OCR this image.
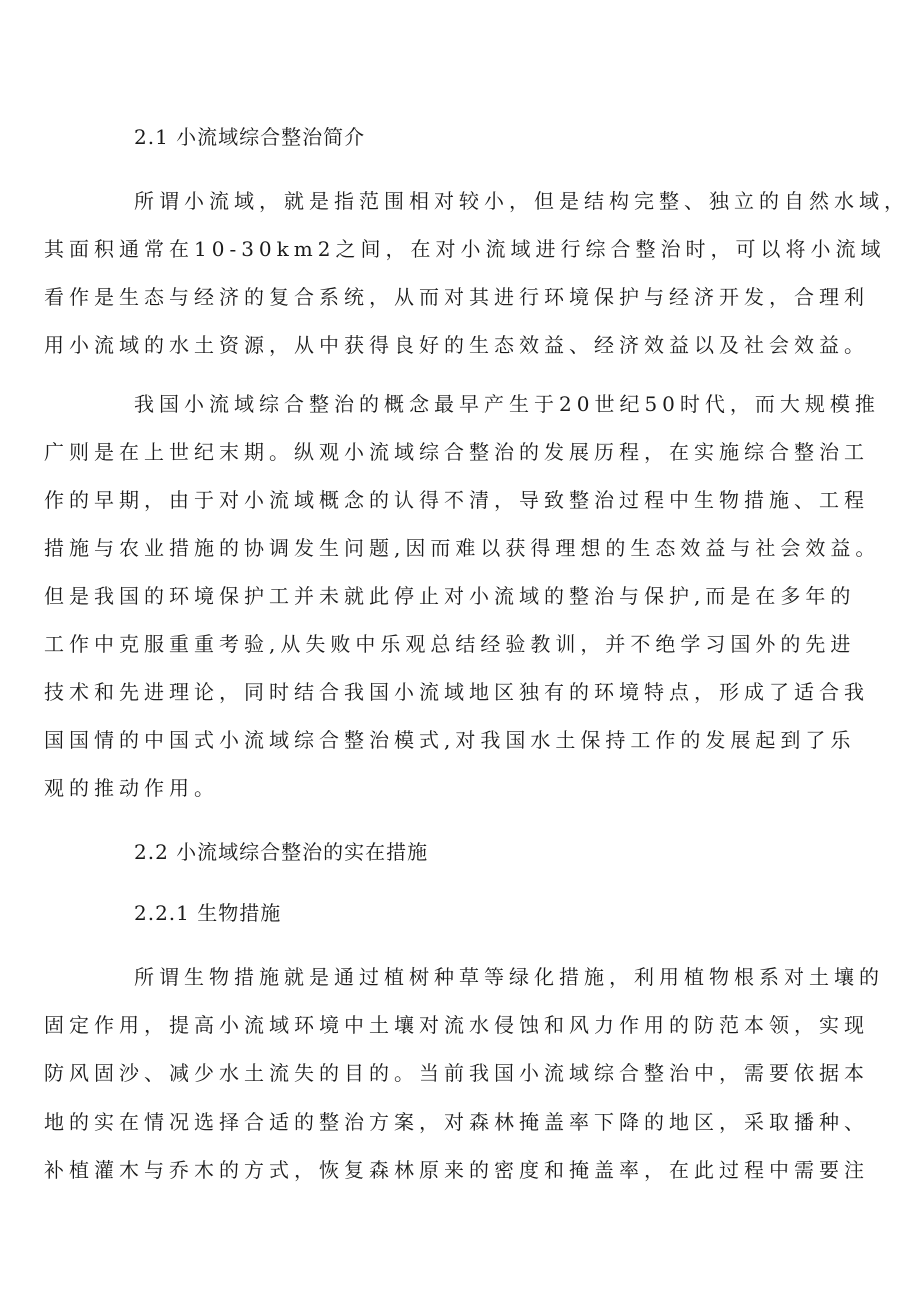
2.1 小流域综合整治简介
所谓小流域，就是指范围相对较小，但是结构完整、独立的自然水域，
其面积通常在10-30km2之间，在对小流域进行综合整治时，可以将小流域
看作是生态与经济的复合系统，从而对其进行环境保护与经济开发，合理利
用小流域的水土资源，从中获得良好的生态效益、经济效益以及社会效益。
我国小流域综合整治的概念最早产生于20世纪50时代，而大规模推
广则是在上世纪末期。纵观小流域综合整治的发展历程，在实施综合整治工
作的早期，由于对小流域概念的认得不清，导致整治过程中生物措施、工程
措施与农业措施的协调发生问题,因而难以获得理想的生态效益与社会效益。
但是我国的环境保护工并未就此停止对小流域的整治与保护,而是在多年的
工作中克服重重考验,从失败中乐观总结经验教训，并不绝学习国外的先进
技术和先进理论，同时结合我国小流域地区独有的环境特点，形成了适合我
国国情的中国式小流域综合整治模式,对我国水土保持工作的发展起到了乐
观的推动作用。
2.2 小流域综合整治的实在措施
2.2.1 生物措施
所谓生物措施就是通过植树种草等绿化措施，利用植物根系对土壤的
固定作用，提高小流域环境中土壤对流水侵蚀和风力作用的防范本领，实现
防风固沙、减少水土流失的目的。当前我国小流域综合整治中，需要依据本
地的实在情况选择合适的整治方案，对森林掩盖率下降的地区，采取播种、
补植灌木与乔木的方式，恢复森林原来的密度和掩盖率，在此过程中需要注
